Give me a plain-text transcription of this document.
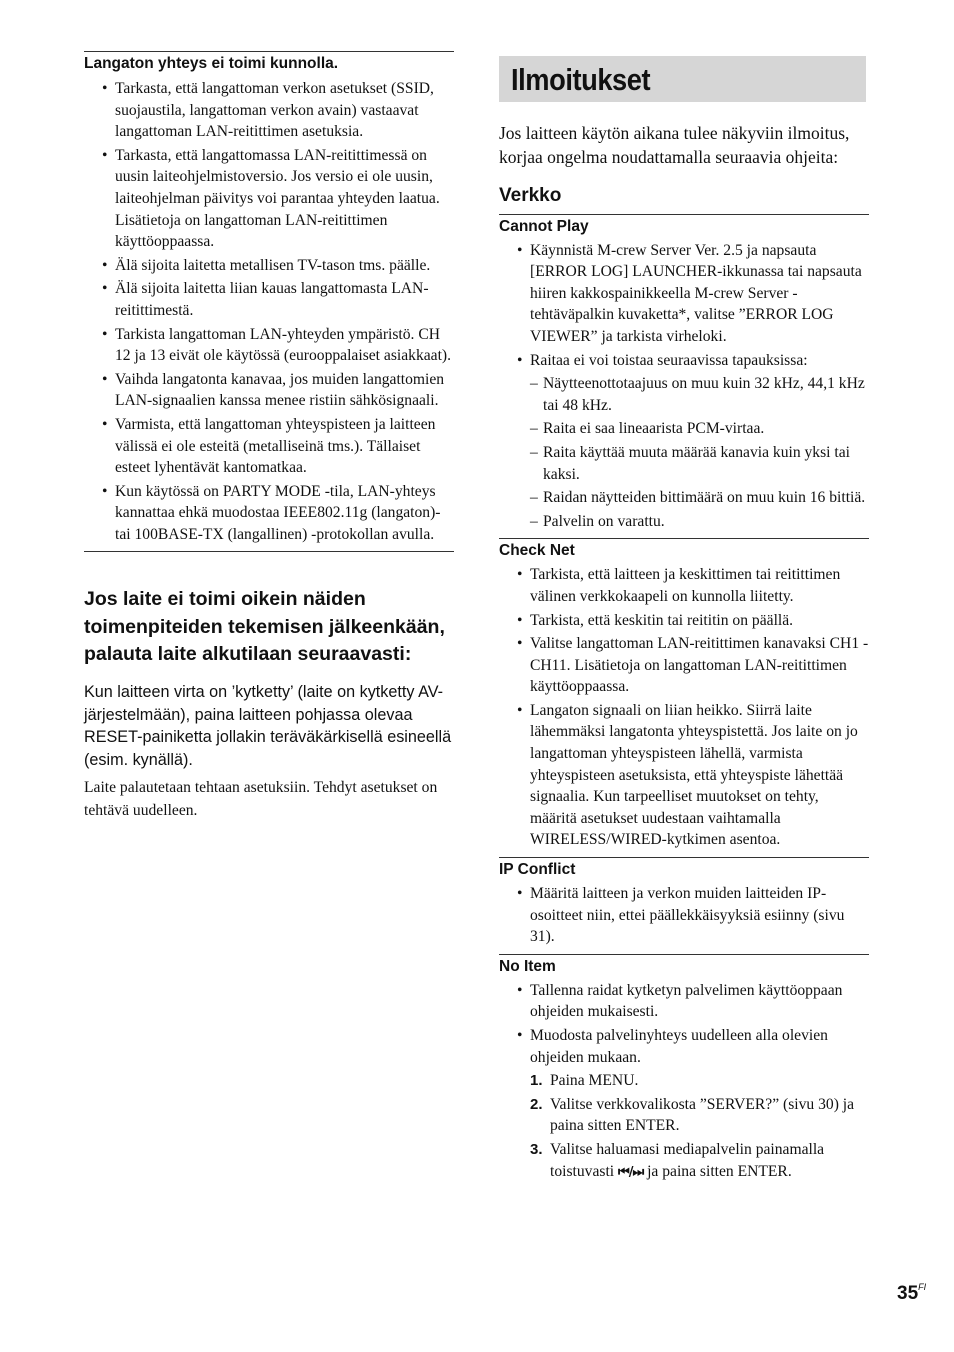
Langaton yhteys ei toimi kunnolla.
• Tarkasta, että langattoman verkon asetukset (SSID, suojaustila, langattoman verkon avain) vastaavat langattoman LAN-reitittimen asetuksia.
• Tarkasta, että langattomassa LAN-reitittimessä on uusin laiteohjelmistoversio. Jos versio ei ole uusin, laiteohjelman päivitys voi parantaa yhteyden laatua. Lisätietoja on langattoman LAN-reitittimen käyttöoppaassa.
• Älä sijoita laitetta metallisen TV-tason tms. päälle.
• Älä sijoita laitetta liian kauas langattomasta LAN-reitittimestä.
• Tarkista langattoman LAN-yhteyden ympäristö. CH 12 ja 13 eivät ole käytössä (eurooppalaiset asiakkaat).
• Vaihda langatonta kanavaa, jos muiden langattomien LAN-signaalien kanssa menee ristiin sähkösignaali.
• Varmista, että langattoman yhteyspisteen ja laitteen välissä ei ole esteitä (metalliseinä tms.). Tällaiset esteet lyhentävät kantomatkaa.
• Kun käytössä on PARTY MODE -tila, LAN-yhteys kannattaa ehkä muodostaa IEEE802.11g (langaton)- tai 100BASE-TX (langallinen) -protokollan avulla.
Jos laite ei toimi oikein näiden toimenpiteiden tekemisen jälkeenkään, palauta laite alkutilaan seuraavasti:

Kun laitteen virta on ’kytketty’ (laite on kytketty AV-järjestelmään), paina laitteen pohjassa olevaa RESET-painiketta jollakin teräväkärkisellä esineellä (esim. kynällä).

Laite palautetaan tehtaan asetuksiin. Tehdyt asetukset on tehtävä uudelleen.

Ilmoitukset

Jos laitteen käytön aikana tulee näkyviin ilmoitus, korjaa ongelma noudattamalla seuraavia ohjeita:

Verkko
Cannot Play
• Käynnistä M-crew Server Ver. 2.5 ja napsauta [ERROR LOG] LAUNCHER-ikkunassa tai napsauta hiiren kakkospainikkeella M-crew Server -tehtäväpalkin kuvaketta*, valitse ”ERROR LOG VIEWER” ja tarkista virheloki.
• Raitaa ei voi toistaa seuraavissa tapauksissa:
– Näytteenottotaajuus on muu kuin 32 kHz, 44,1 kHz tai 48 kHz.
– Raita ei saa lineaarista PCM-virtaa.
– Raita käyttää muuta määrää kanavia kuin yksi tai kaksi.
– Raidan näytteiden bittimäärä on muu kuin 16 bittiä.
– Palvelin on varattu.
Check Net
• Tarkista, että laitteen ja keskittimen tai reitittimen välinen verkkokaapeli on kunnolla liitetty.
• Tarkista, että keskitin tai reititin on päällä.
• Valitse langattoman LAN-reitittimen kanavaksi CH1 - CH11. Lisätietoja on langattoman LAN-reitittimen käyttöoppaassa.
• Langaton signaali on liian heikko. Siirrä laite lähemmäksi langatonta yhteyspistettä. Jos laite on jo langattoman yhteyspisteen lähellä, varmista yhteyspisteen asetuksista, että yhteyspiste lähettää signaalia. Kun tarpeelliset muutokset on tehty, määritä asetukset uudestaan vaihtamalla WIRELESS/WIRED-kytkimen asentoa.
IP Conflict
• Määritä laitteen ja verkon muiden laitteiden IP-osoitteet niin, ettei päällekkäisyyksiä esiinny (sivu 31).
No Item
• Tallenna raidat kytketyn palvelimen käyttöoppaan ohjeiden mukaisesti.
• Muodosta palvelinyhteys uudelleen alla olevien ohjeiden mukaan.
1. Paina MENU.
2. Valitse verkkovalikosta ”SERVER?” (sivu 30) ja paina sitten ENTER.
3. Valitse haluamasi mediapalvelin painamalla toistuvasti ⏮/⏭ ja paina sitten ENTER.
$35^{FI}$
